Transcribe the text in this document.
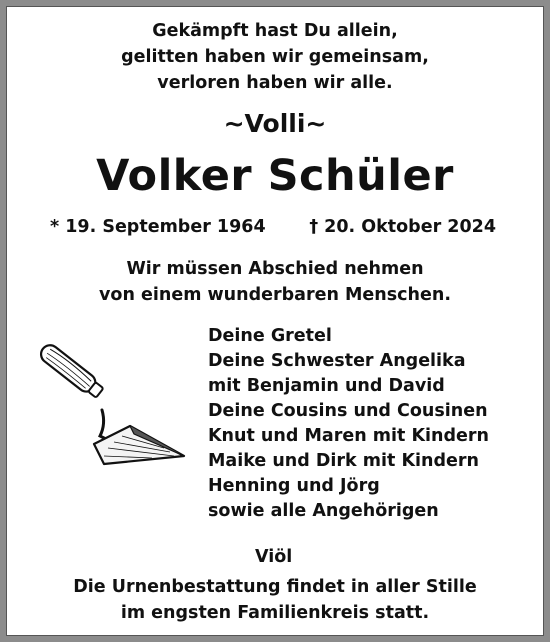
Gekämpft hast Du allein,
gelitten haben wir gemeinsam,
verloren haben wir alle.
~Volli~
Volker Schüler
* 19. September 1964 † 20. Oktober 2024
Wir müssen Abschied nehmen
von einem wunderbaren Menschen.
Deine Gretel
Deine Schwester Angelika
mit Benjamin und David
Deine Cousins und Cousinen
Knut und Maren mit Kindern
Maike und Dirk mit Kindern
Henning und Jörg
sowie alle Angehörigen
Viöl
Die Urnenbestattung findet in aller Stille
im engsten Familienkreis statt.
